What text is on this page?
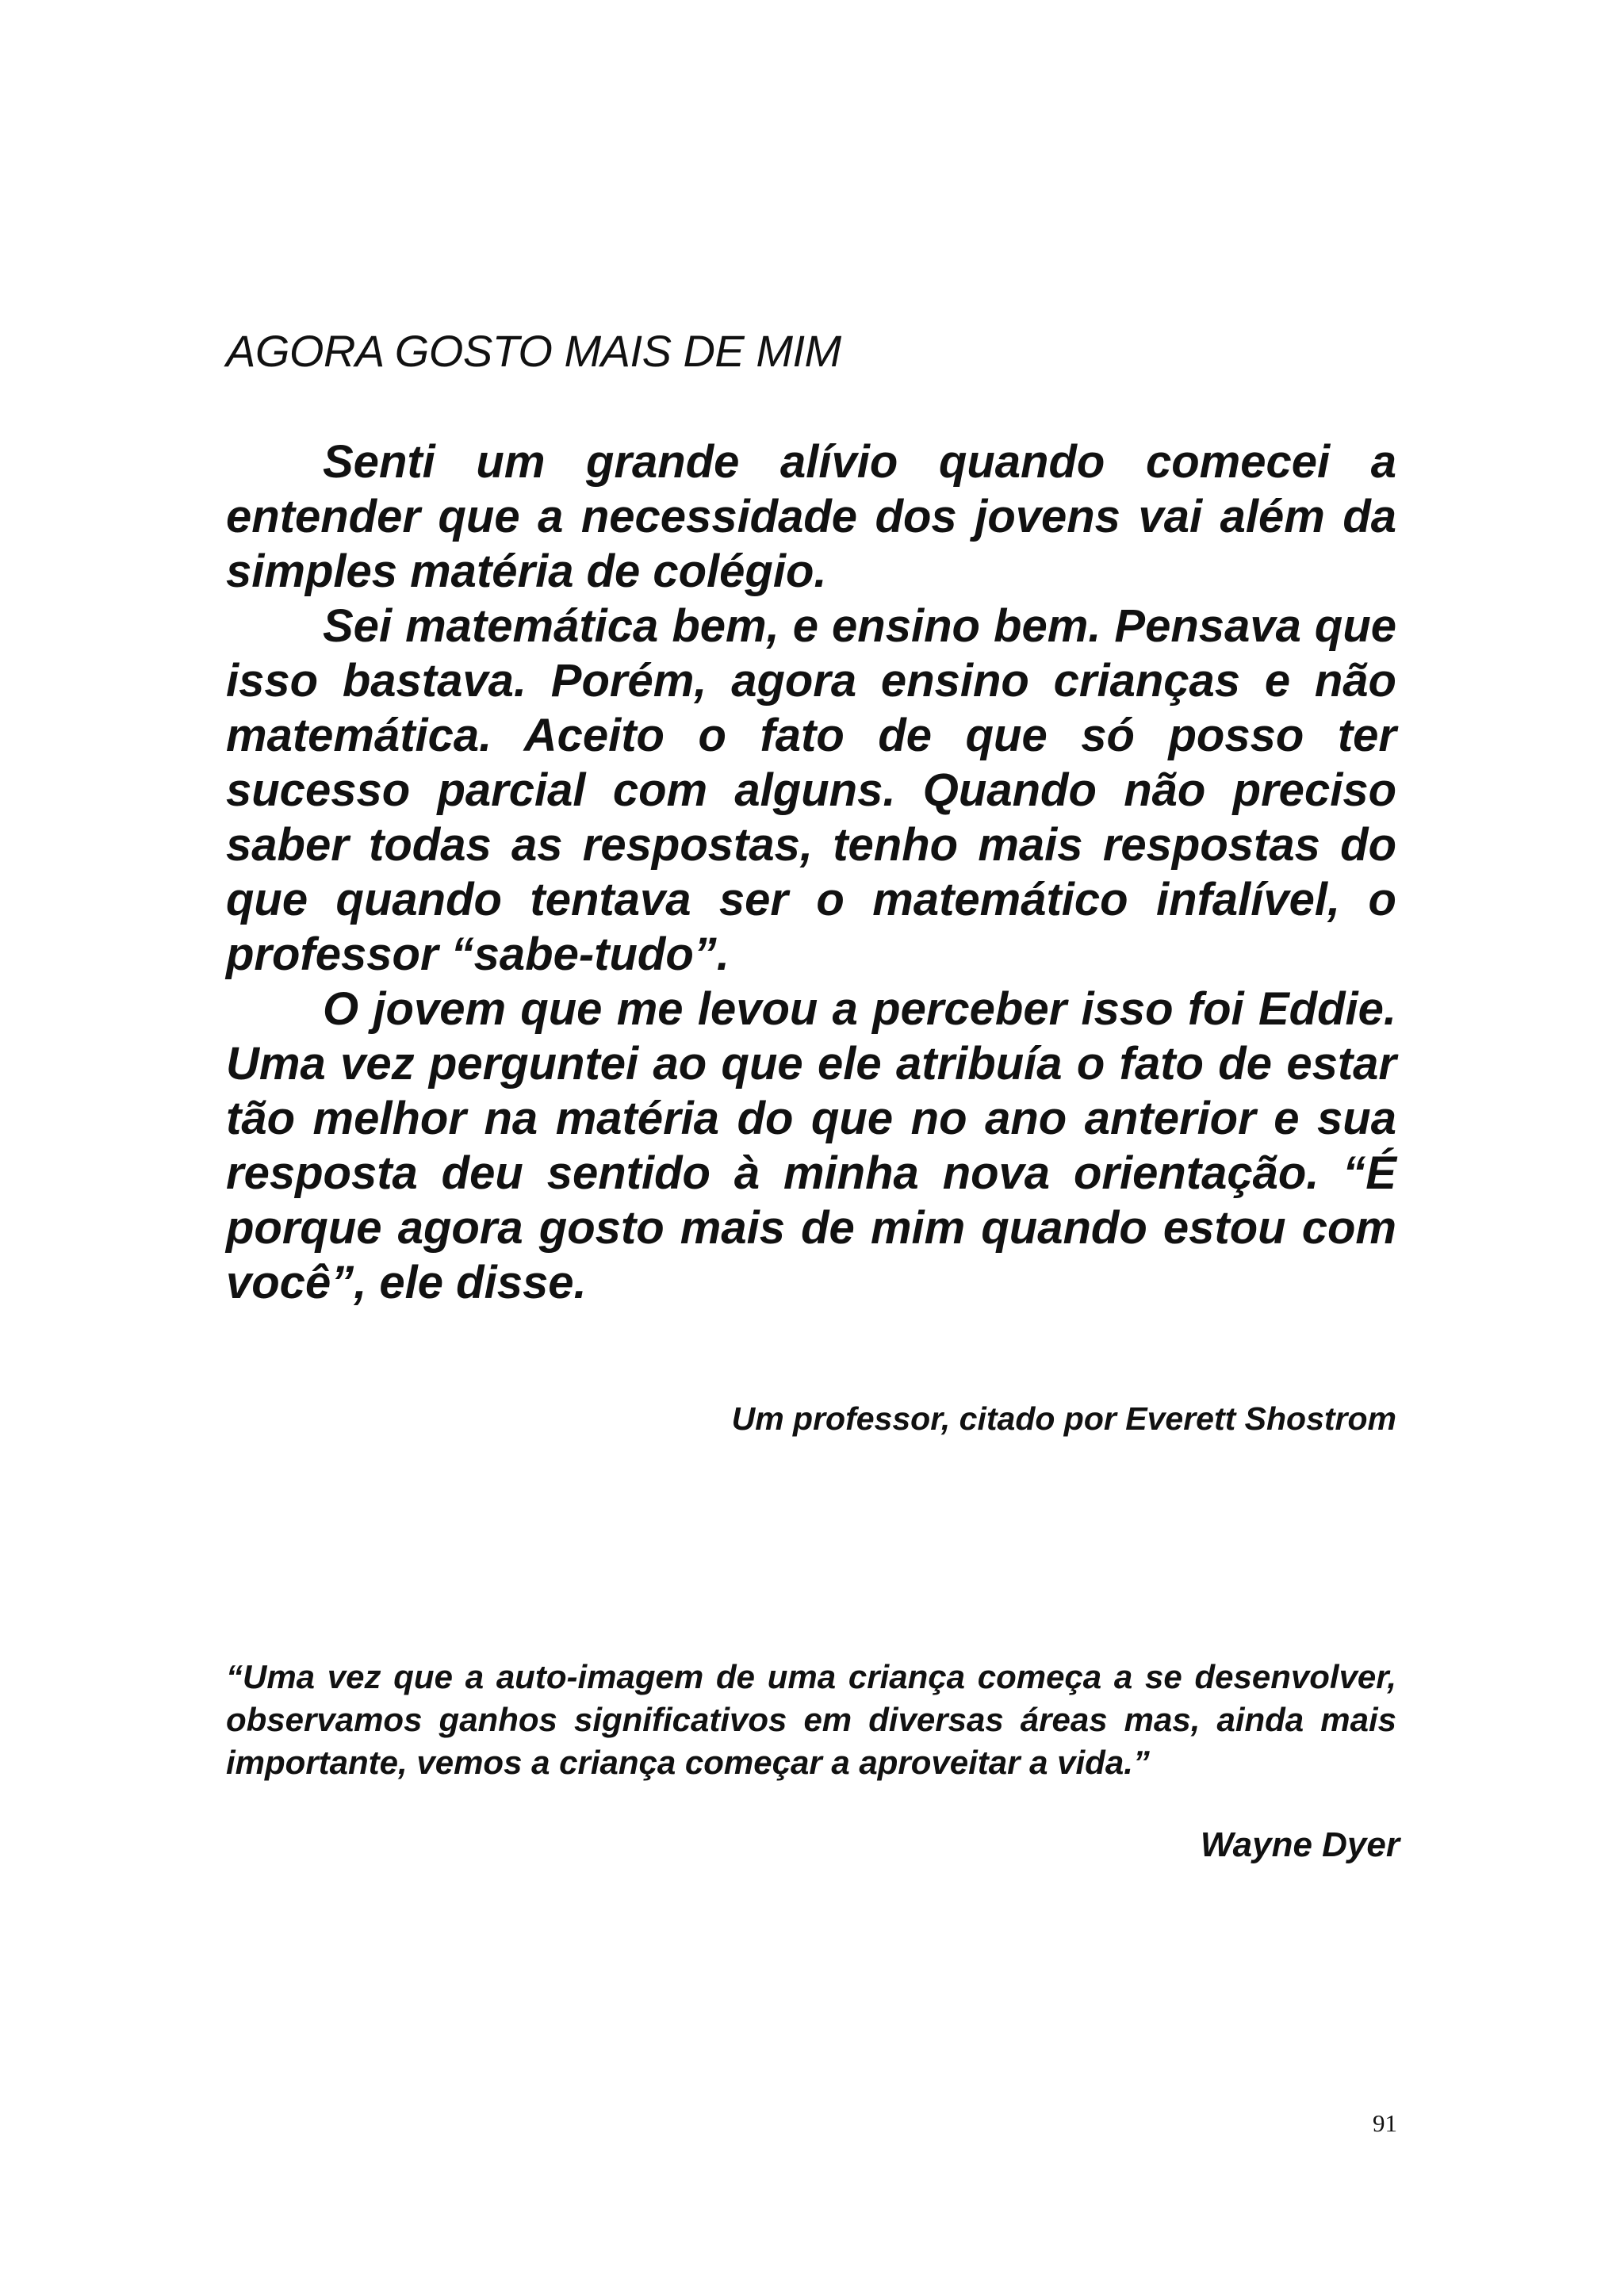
AGORA GOSTO MAIS DE MIM

Senti um grande alívio quando comecei a entender que a necessidade dos jovens vai além da simples matéria de colégio.

Sei matemática bem, e ensino bem. Pensava que isso bastava. Porém, agora ensino crianças e não matemática. Aceito o fato de que só posso ter sucesso parcial com alguns. Quando não preciso saber todas as respostas, tenho mais respostas do que quando tentava ser o matemático infalível, o professor “sabe-tudo”.

O jovem que me levou a perceber isso foi Eddie. Uma vez perguntei ao que ele atribuía o fato de estar tão melhor na matéria do que no ano anterior e sua resposta deu sentido à minha nova orientação. “É porque agora gosto mais de mim quando estou com você”, ele disse.

Um professor, citado por Everett Shostrom

“Uma vez que a auto-imagem de uma criança começa a se desenvolver, observamos ganhos significativos em diversas áreas mas, ainda mais importante, vemos a criança começar a aproveitar a vida.”

Wayne Dyer
91
